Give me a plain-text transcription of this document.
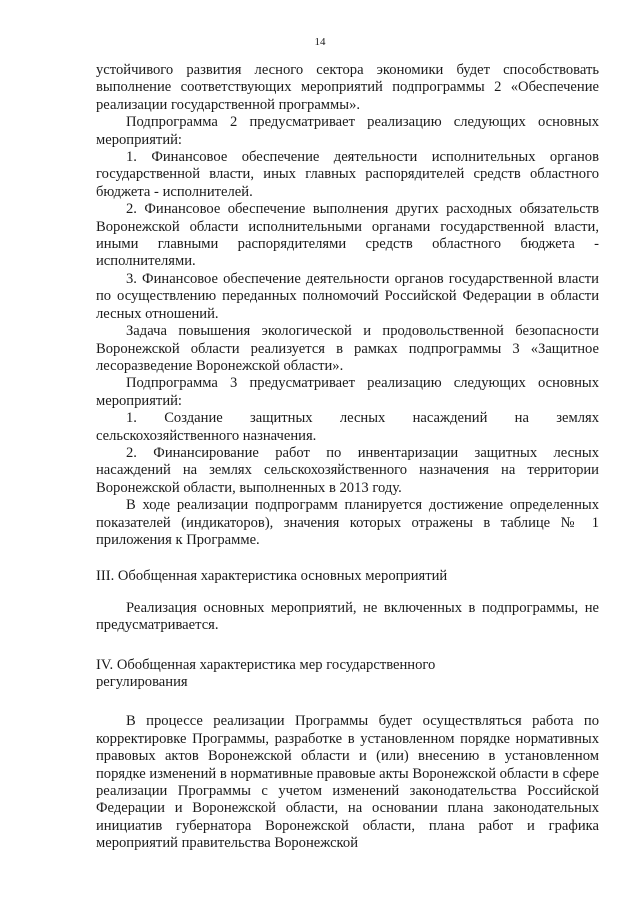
14

устойчивого развития лесного сектора экономики будет способствовать выполнение соответствующих мероприятий подпрограммы 2 «Обеспечение реализации государственной программы».

Подпрограмма 2 предусматривает реализацию следующих основных мероприятий:

1. Финансовое обеспечение деятельности исполнительных органов государственной власти, иных главных распорядителей средств областного бюджета - исполнителей.

2. Финансовое обеспечение выполнения других расходных обязательств Воронежской области исполнительными органами государственной власти, иными главными распорядителями средств областного бюджета - исполнителями.

3. Финансовое обеспечение деятельности органов государственной власти по осуществлению переданных полномочий Российской Федерации в области лесных отношений.

Задача повышения экологической и продовольственной безопасности Воронежской области реализуется в рамках подпрограммы 3 «Защитное лесоразведение Воронежской области».

Подпрограмма 3 предусматривает реализацию следующих основных мероприятий:

1. Создание защитных лесных насаждений на землях сельскохозяйственного назначения.

2. Финансирование работ по инвентаризации защитных лесных насаждений на землях сельскохозяйственного назначения на территории Воронежской области, выполненных в 2013 году.

В ходе реализации подпрограмм планируется достижение определенных показателей (индикаторов), значения которых отражены в таблице № 1 приложения к Программе.

III. Обобщенная характеристика основных мероприятий

Реализация основных мероприятий, не включенных в подпрограммы, не предусматривается.

IV. Обобщенная характеристика мер государственного

регулирования

В процессе реализации Программы будет осуществляться работа по корректировке Программы, разработке в установленном порядке нормативных правовых актов Воронежской области и (или) внесению в установленном порядке изменений в нормативные правовые акты Воронежской области в сфере реализации Программы с учетом изменений законодательства Российской Федерации и Воронежской области, на основании плана законодательных инициатив губернатора Воронежской области, плана работ и графика мероприятий правительства Воронежской
